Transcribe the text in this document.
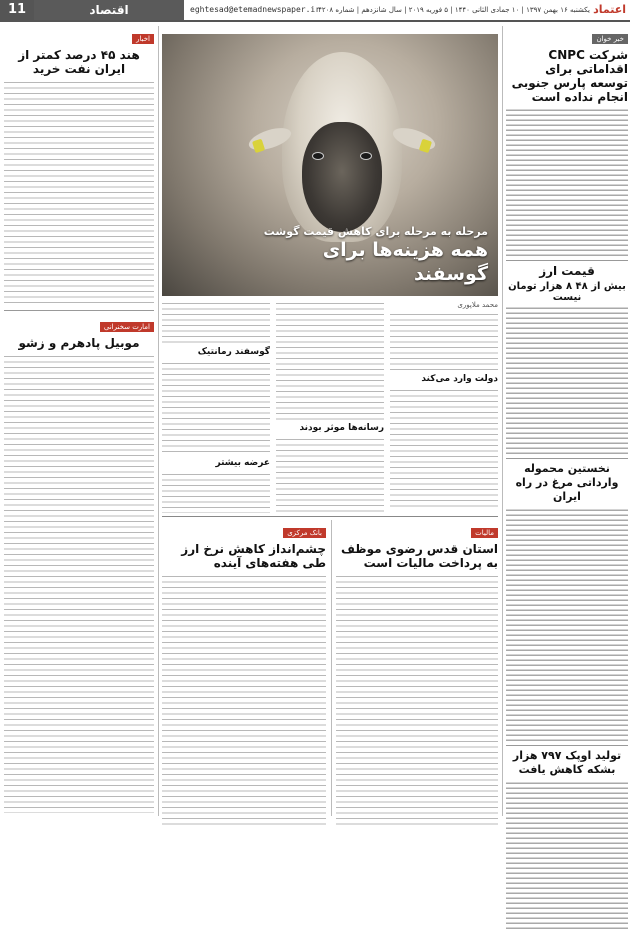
11	اقتصاد	eghtesad@etemadnewspaper.ir
یکشنبه ۱۶ بهمن ۱۳۹۷ | ۱۰ جمادی الثانی ۱۴۴۰ | ۵ فوریه ۲۰۱۹ | سال شانزدهم | شماره ۴۲۰۸ اعتماد
خبر خوان
شرکت CNPC اقداماتی برای توسعه پارس جنوبی انجام نداده است
قیمت ارز
بیش از ۴۸ ۸ هزار تومان نیست
نخستین محموله وارداتی مرغ در راه ایران
تولید اوپک ۷۹۷ هزار بشکه کاهش یافت
مرحله به مرحله برای کاهش قیمت گوشت
همه هزینه‌ها برای گوسفند
محمد ملاپوری
دولت وارد می‌کند
رسانه‌ها موثر بودند
گوسفند رمانتیک
عرضه بیشتر
مالیات
استان قدس رضوی موظف به پرداخت مالیات است
بانک مرکزی
چشم‌انداز کاهش نرخ ارز طی هفته‌های آینده
اخبار
هند ۴۵ درصد کمتر از ایران نفت خرید
امارت سخنرانی
موبیل پادهرم و زشو
